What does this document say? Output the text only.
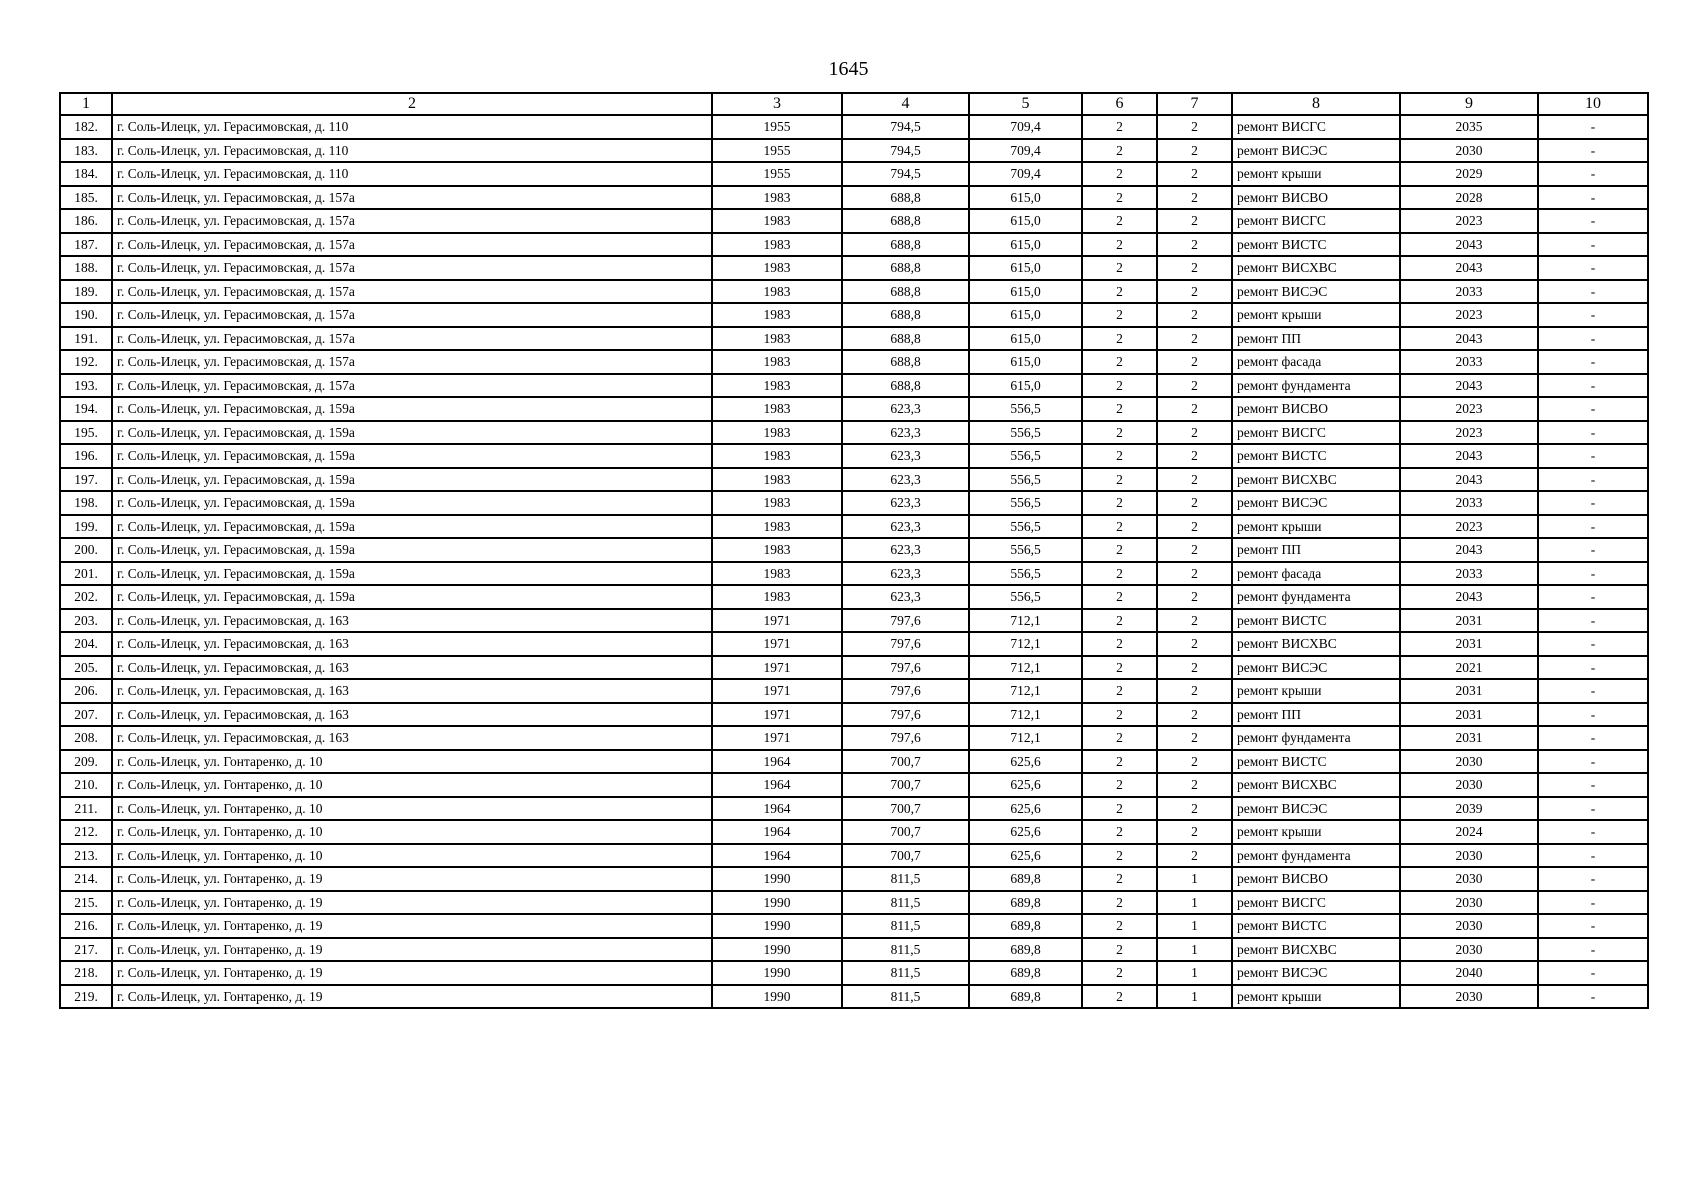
1645
1	2	3	4	5	6	7	8	9	10
182.	г. Соль-Илецк, ул. Герасимовская, д. 110	1955	794,5	709,4	2	2	ремонт ВИСГС	2035	-
183.	г. Соль-Илецк, ул. Герасимовская, д. 110	1955	794,5	709,4	2	2	ремонт ВИСЭС	2030	-
184.	г. Соль-Илецк, ул. Герасимовская, д. 110	1955	794,5	709,4	2	2	ремонт крыши	2029	-
185.	г. Соль-Илецк, ул. Герасимовская, д. 157а	1983	688,8	615,0	2	2	ремонт ВИСВО	2028	-
186.	г. Соль-Илецк, ул. Герасимовская, д. 157а	1983	688,8	615,0	2	2	ремонт ВИСГС	2023	-
187.	г. Соль-Илецк, ул. Герасимовская, д. 157а	1983	688,8	615,0	2	2	ремонт ВИСТС	2043	-
188.	г. Соль-Илецк, ул. Герасимовская, д. 157а	1983	688,8	615,0	2	2	ремонт ВИСХВС	2043	-
189.	г. Соль-Илецк, ул. Герасимовская, д. 157а	1983	688,8	615,0	2	2	ремонт ВИСЭС	2033	-
190.	г. Соль-Илецк, ул. Герасимовская, д. 157а	1983	688,8	615,0	2	2	ремонт крыши	2023	-
191.	г. Соль-Илецк, ул. Герасимовская, д. 157а	1983	688,8	615,0	2	2	ремонт ПП	2043	-
192.	г. Соль-Илецк, ул. Герасимовская, д. 157а	1983	688,8	615,0	2	2	ремонт фасада	2033	-
193.	г. Соль-Илецк, ул. Герасимовская, д. 157а	1983	688,8	615,0	2	2	ремонт фундамента	2043	-
194.	г. Соль-Илецк, ул. Герасимовская, д. 159а	1983	623,3	556,5	2	2	ремонт ВИСВО	2023	-
195.	г. Соль-Илецк, ул. Герасимовская, д. 159а	1983	623,3	556,5	2	2	ремонт ВИСГС	2023	-
196.	г. Соль-Илецк, ул. Герасимовская, д. 159а	1983	623,3	556,5	2	2	ремонт ВИСТС	2043	-
197.	г. Соль-Илецк, ул. Герасимовская, д. 159а	1983	623,3	556,5	2	2	ремонт ВИСХВС	2043	-
198.	г. Соль-Илецк, ул. Герасимовская, д. 159а	1983	623,3	556,5	2	2	ремонт ВИСЭС	2033	-
199.	г. Соль-Илецк, ул. Герасимовская, д. 159а	1983	623,3	556,5	2	2	ремонт крыши	2023	-
200.	г. Соль-Илецк, ул. Герасимовская, д. 159а	1983	623,3	556,5	2	2	ремонт ПП	2043	-
201.	г. Соль-Илецк, ул. Герасимовская, д. 159а	1983	623,3	556,5	2	2	ремонт фасада	2033	-
202.	г. Соль-Илецк, ул. Герасимовская, д. 159а	1983	623,3	556,5	2	2	ремонт фундамента	2043	-
203.	г. Соль-Илецк, ул. Герасимовская, д. 163	1971	797,6	712,1	2	2	ремонт ВИСТС	2031	-
204.	г. Соль-Илецк, ул. Герасимовская, д. 163	1971	797,6	712,1	2	2	ремонт ВИСХВС	2031	-
205.	г. Соль-Илецк, ул. Герасимовская, д. 163	1971	797,6	712,1	2	2	ремонт ВИСЭС	2021	-
206.	г. Соль-Илецк, ул. Герасимовская, д. 163	1971	797,6	712,1	2	2	ремонт крыши	2031	-
207.	г. Соль-Илецк, ул. Герасимовская, д. 163	1971	797,6	712,1	2	2	ремонт ПП	2031	-
208.	г. Соль-Илецк, ул. Герасимовская, д. 163	1971	797,6	712,1	2	2	ремонт фундамента	2031	-
209.	г. Соль-Илецк, ул. Гонтаренко, д. 10	1964	700,7	625,6	2	2	ремонт ВИСТС	2030	-
210.	г. Соль-Илецк, ул. Гонтаренко, д. 10	1964	700,7	625,6	2	2	ремонт ВИСХВС	2030	-
211.	г. Соль-Илецк, ул. Гонтаренко, д. 10	1964	700,7	625,6	2	2	ремонт ВИСЭС	2039	-
212.	г. Соль-Илецк, ул. Гонтаренко, д. 10	1964	700,7	625,6	2	2	ремонт крыши	2024	-
213.	г. Соль-Илецк, ул. Гонтаренко, д. 10	1964	700,7	625,6	2	2	ремонт фундамента	2030	-
214.	г. Соль-Илецк, ул. Гонтаренко, д. 19	1990	811,5	689,8	2	1	ремонт ВИСВО	2030	-
215.	г. Соль-Илецк, ул. Гонтаренко, д. 19	1990	811,5	689,8	2	1	ремонт ВИСГС	2030	-
216.	г. Соль-Илецк, ул. Гонтаренко, д. 19	1990	811,5	689,8	2	1	ремонт ВИСТС	2030	-
217.	г. Соль-Илецк, ул. Гонтаренко, д. 19	1990	811,5	689,8	2	1	ремонт ВИСХВС	2030	-
218.	г. Соль-Илецк, ул. Гонтаренко, д. 19	1990	811,5	689,8	2	1	ремонт ВИСЭС	2040	-
219.	г. Соль-Илецк, ул. Гонтаренко, д. 19	1990	811,5	689,8	2	1	ремонт крыши	2030	-
